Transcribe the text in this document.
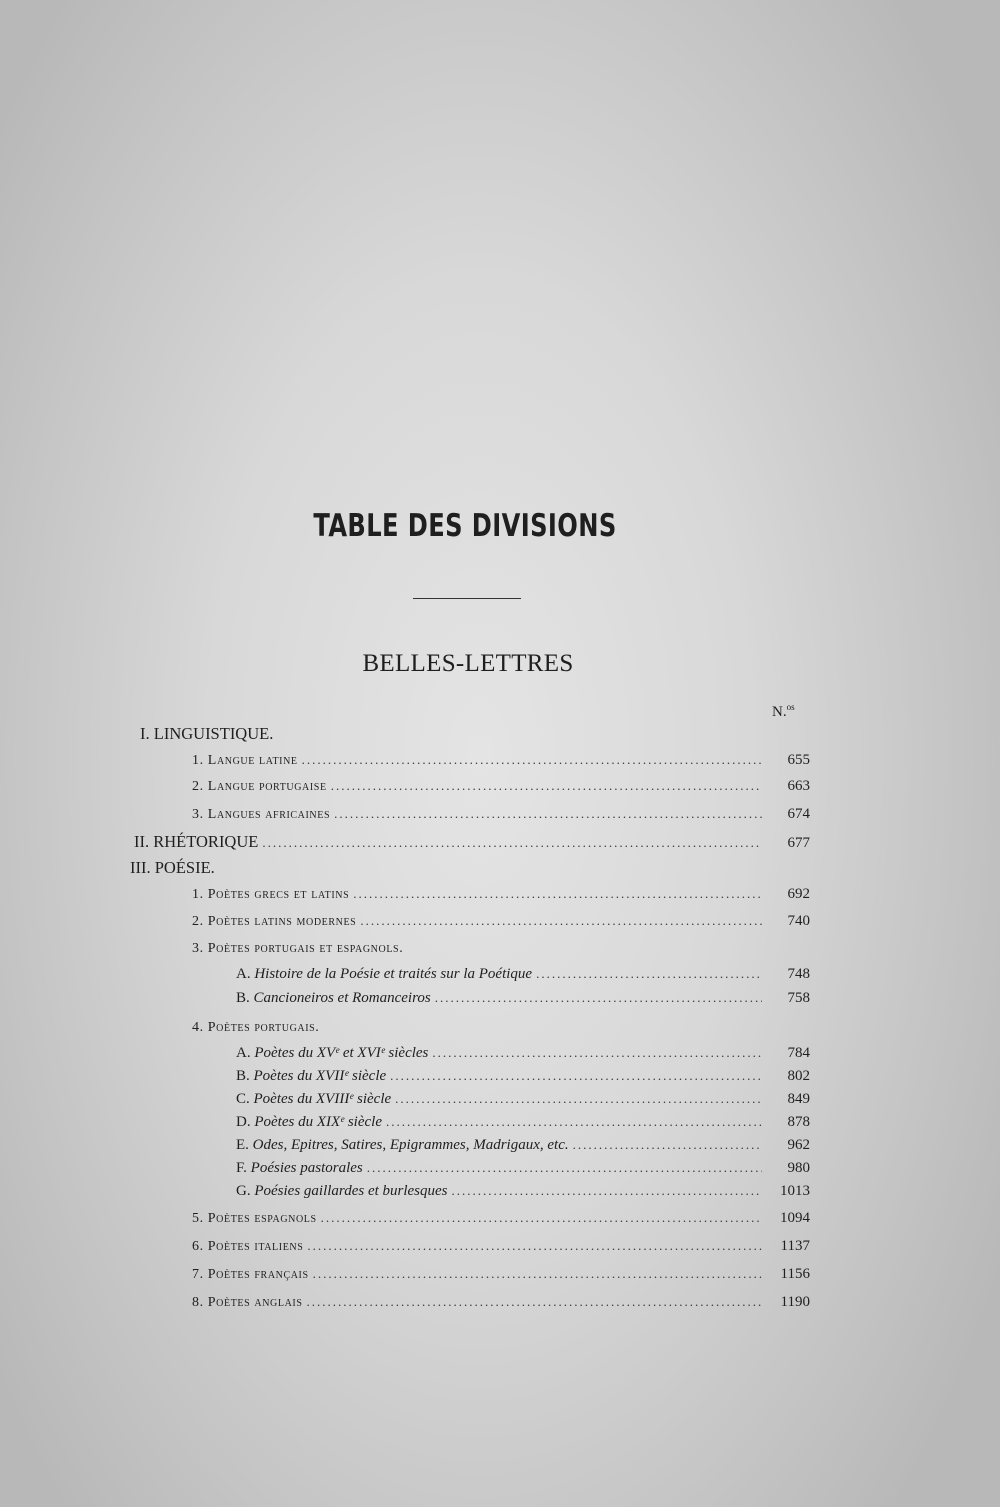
TABLE DES DIVISIONS
BELLES-LETTRES
N.$^{os}$
I. LINGUISTIQUE.
1. Langue latine .....	655
2. Langue portugaise .....	663
3. Langues africaines .....	674
II. RHÉTORIQUE .....	677
III. POÉSIE.
1. Poètes grecs et latins .....	692
2. Poètes latins modernes .....	740
3. Poètes portugais et espagnols.
A. Histoire de la Poésie et traités sur la Poétique .....	748
B. Cancioneiros et Romanceiros .....	758
4. Poètes portugais.
A. Poètes du XVᵉ et XVIᵉ siècles .....	784
B. Poètes du XVIIᵉ siècle .....	802
C. Poètes du XVIIIᵉ siècle .....	849
D. Poètes du XIXᵉ siècle .....	878
E. Odes, Epitres, Satires, Epigrammes, Madrigaux, etc. .....	962
F. Poésies pastorales .....	980
G. Poésies gaillardes et burlesques .....	1013
5. Poètes espagnols .....	1094
6. Poètes italiens .....	1137
7. Poètes français .....	1156
8. Poètes anglais .....	1190
